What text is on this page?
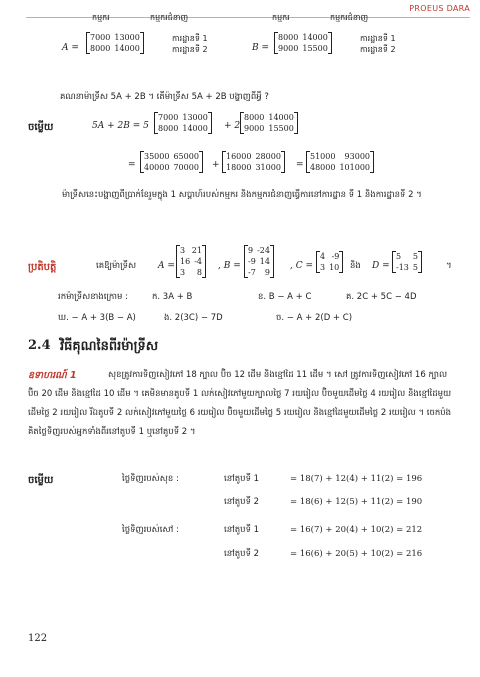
PROEUS DARA
កម្មករ	កម្មករជំនាញ	កម្មករ	កម្មករជំនាញ
A =
7000 13000
8000 14000
ការដ្ឋានទី 1
ការដ្ឋានទី 2	B =
8000 14000
9000 15500
ការដ្ឋានទី 1
ការដ្ឋានទី 2
គណនាម៉ាទ្រីស 5A + 2B ។ តើម៉ាទ្រីស 5A + 2B បង្ហាញពីអ្វី ?
ចម្លើយ	5A + 2B = 5
7000 13000
8000 14000 + 2
8000 14000
9000 15500
=
35000 65000
40000 70000 +
16000 28000
18000 31000 =
51000 93000
48000 101000
ម៉ាទ្រីសនេះបង្ហាញពីប្រាក់ខែរួមក្នុង 1 សប្ដាហ៍របស់កម្មករ និងកម្មករជំនាញធ្វើការនៅការដ្ឋាន ទី 1 និងការដ្ឋានទី 2 ។
ប្រតិបត្តិ	គេឱ្យម៉ាទ្រីស A =
3 21
16 -4
3 8
, B =
9 -24
-9 14
-7 9
, C =
4 -9
3 10 និង D =
5 5
-13 5	។
រកម៉ាទ្រីសខាងក្រោម :	ក. 3A + B	ខ. B − A + C	គ. 2C + 5C − 4D
ឃ. − A + 3(B − A)	ង. 2(3C) − 7D	ច. − A + 2(D + C)
2.4 វិធីគុណនៃពីរម៉ាទ្រីស
ឧទាហរណ៍ 1	សុខត្រូវការទិញសៀវភៅ 18 ក្បាល ប៊ិច 12 ដើម និងខ្មៅដៃ 11 ដើម ។ សៅ ត្រូវការទិញសៀវភៅ 16 ក្បាល ប៊ិច 20 ដើម និងខ្មៅដៃ 10 ដើម ។ គេមិនមានតូបទី 1 លក់សៀវភៅមួយក្បាលថ្លៃ 7 រយរៀល ប៊ិចមួយដើមថ្លៃ 4 រយរៀល និងខ្មៅដៃមួយដើមថ្លៃ 2 រយរៀល រីឯតូបទី 2 លក់សៀវភៅមួយថ្លៃ 6 រយរៀល ប៊ិចមួយដើមថ្លៃ 5 រយរៀល និងខ្មៅដៃមួយដើមថ្លៃ 2 រយរៀល ។ ចេកប៉ងគិតថ្លៃទិញរបស់អ្នកទាំងពីរនៅតូបទី 1 ឬនៅតូបទី 2 ។
ចម្លើយ	ថ្លៃទិញរបស់សុខ :	នៅតូបទី 1	= 18(7) + 12(4) + 11(2) = 196
នៅតូបទី 2	= 18(6) + 12(5) + 11(2) = 190
ថ្លៃទិញរបស់សៅ :	នៅតូបទី 1	= 16(7) + 20(4) + 10(2) = 212
នៅតូបទី 2	= 16(6) + 20(5) + 10(2) = 216
122
